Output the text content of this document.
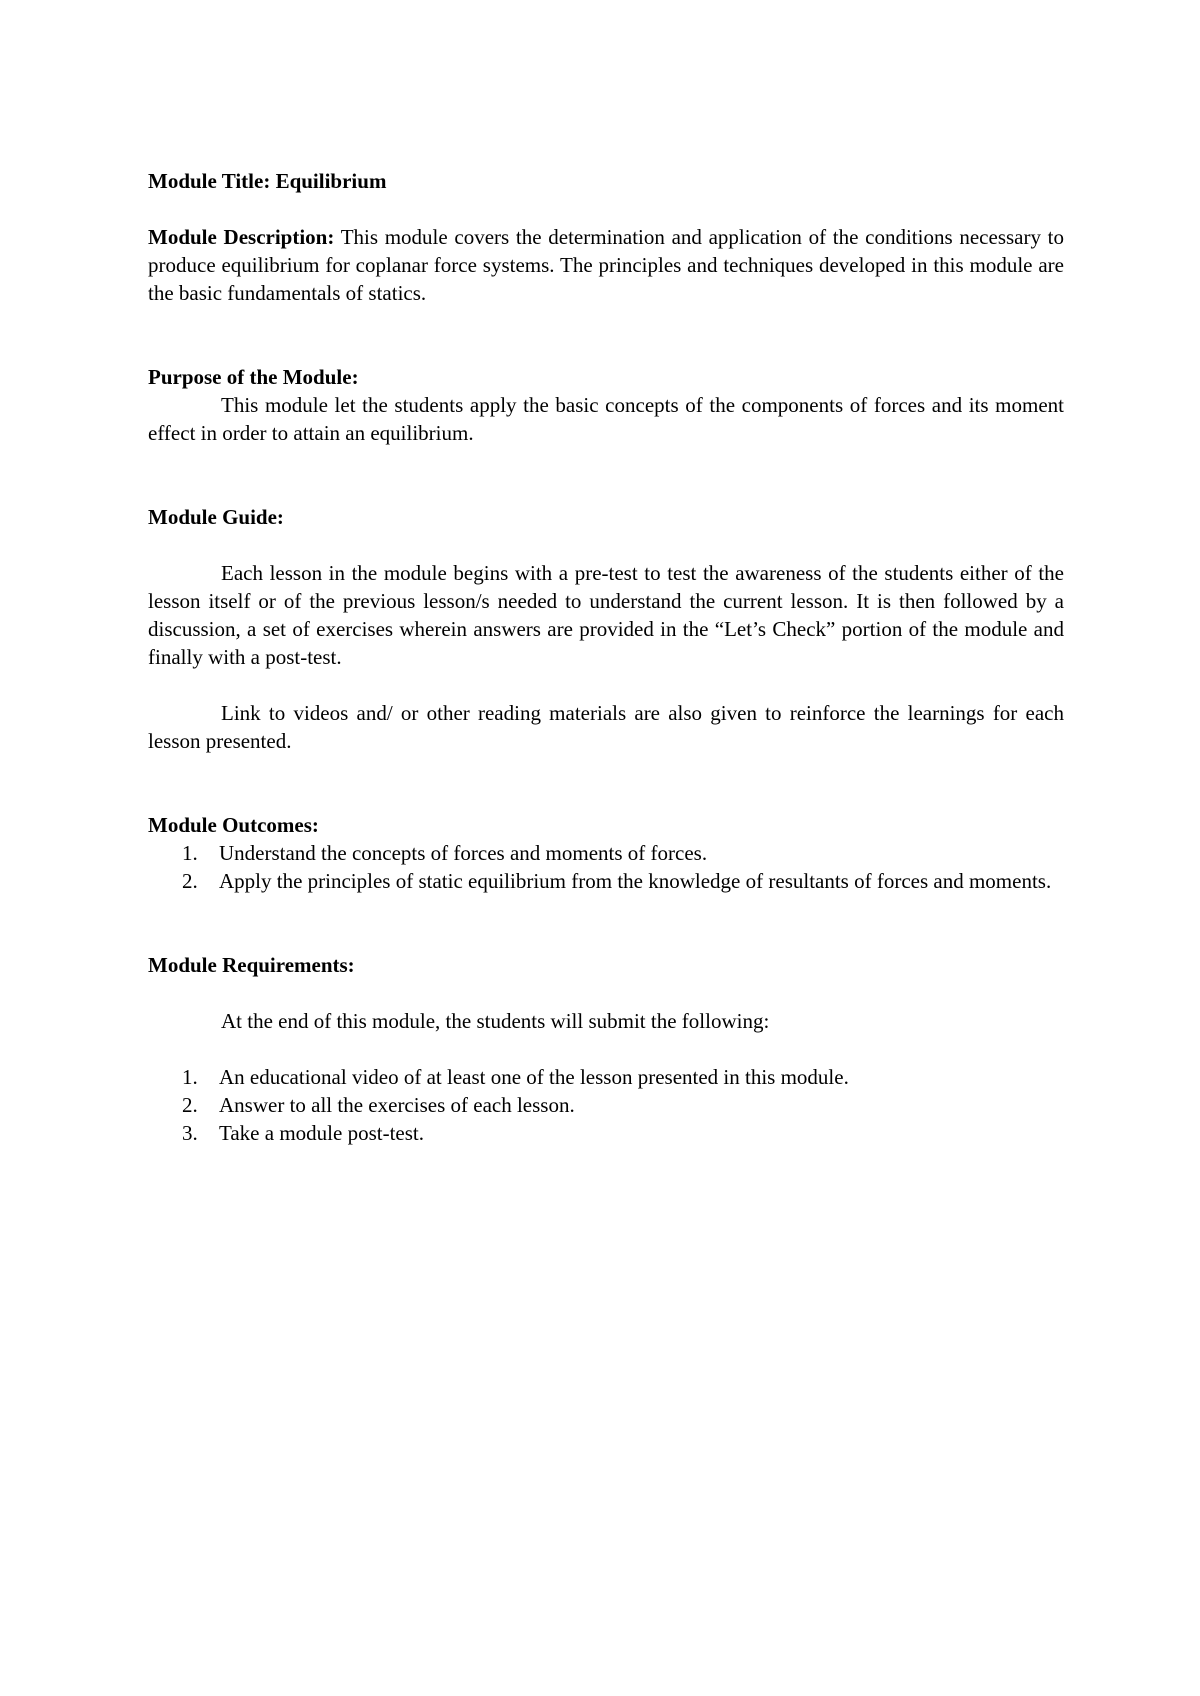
Module Title: Equilibrium

Module Description: This module covers the determination and application of the conditions necessary to produce equilibrium for coplanar force systems. The principles and techniques developed in this module are the basic fundamentals of statics.

Purpose of the Module:

This module let the students apply the basic concepts of the components of forces and its moment effect in order to attain an equilibrium.

Module Guide:

Each lesson in the module begins with a pre-test to test the awareness of the students either of the lesson itself or of the previous lesson/s needed to understand the current lesson. It is then followed by a discussion, a set of exercises wherein answers are provided in the “Let’s Check” portion of the module and finally with a post-test.

Link to videos and/ or other reading materials are also given to reinforce the learnings for each lesson presented.

Module Outcomes:

1. Understand the concepts of forces and moments of forces.
2. Apply the principles of static equilibrium from the knowledge of resultants of forces and moments.

Module Requirements:

At the end of this module, the students will submit the following:

1. An educational video of at least one of the lesson presented in this module.
2. Answer to all the exercises of each lesson.
3. Take a module post-test.
